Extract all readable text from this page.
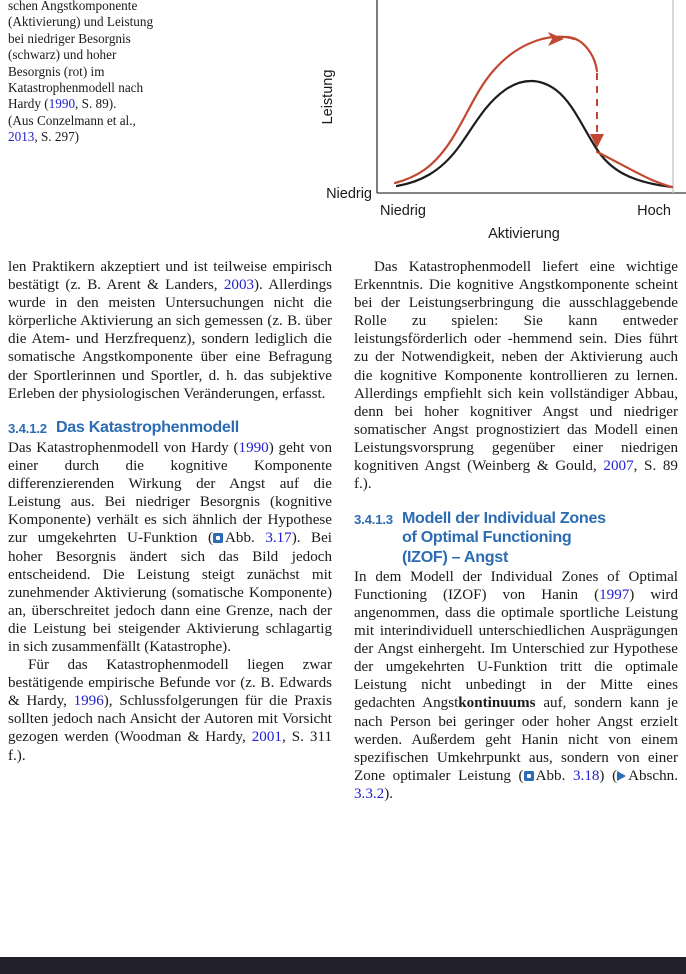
schen Angstkomponente
(Aktivierung) und Leistung
bei niedriger Besorgnis
(schwarz) und hoher
Besorgnis (rot) im
Katastrophenmodell nach
Hardy (1990, S. 89).
(Aus Conzelmann et al.,
2013, S. 297)
Leistung
Niedrig
Niedrig	Hoch
Aktivierung

len Praktikern akzeptiert und ist teilweise empirisch bestätigt (z. B. Arent & Landers, 2003). Allerdings wurde in den meisten Untersuchungen nicht die körperliche Aktivierung an sich gemessen (z. B. über die Atem- und Herzfrequenz), sondern lediglich die somatische Angstkomponente über eine Befragung der Sportlerinnen und Sportler, d. h. das subjektive Erleben der physiologischen Veränderungen, erfasst.

3.4.1.2 Das Katastrophenmodell

Das Katastrophenmodell von Hardy (1990) geht von einer durch die kognitive Komponente differenzierenden Wirkung der Angst auf die Leistung aus. Bei niedriger Besorgnis (kognitive Komponente) verhält es sich ähnlich der Hypothese zur umgekehrten U-Funktion ( Abb. 3.17). Bei hoher Besorgnis ändert sich das Bild jedoch entscheidend. Die Leistung steigt zunächst mit zunehmender Aktivierung (somatische Komponente) an, überschreitet jedoch dann eine Grenze, nach der die Leistung bei steigender Aktivierung schlagartig in sich zusammenfällt (Katastrophe).

Für das Katastrophenmodell liegen zwar bestätigende empirische Befunde vor (z. B. Edwards & Hardy, 1996), Schlussfolgerungen für die Praxis sollten jedoch nach Ansicht der Autoren mit Vorsicht gezogen werden (Woodman & Hardy, 2001, S. 311 f.).

Das Katastrophenmodell liefert eine wichtige Erkenntnis. Die kognitive Angstkomponente scheint bei der Leistungserbringung die ausschlaggebende Rolle zu spielen: Sie kann entweder leistungsförderlich oder -hemmend sein. Dies führt zu der Notwendigkeit, neben der Aktivierung auch die kognitive Komponente kontrollieren zu lernen. Allerdings empfiehlt sich kein vollständiger Abbau, denn bei hoher kognitiver Angst und niedriger somatischer Angst prognostiziert das Modell einen Leistungsvorsprung gegenüber einer niedrigen kognitiven Angst (Weinberg & Gould, 2007, S. 89 f.).

3.4.1.3 Modell der Individual Zones
of Optimal Functioning
(IZOF) – Angst

In dem Modell der Individual Zones of Optimal Functioning (IZOF) von Hanin (1997) wird angenommen, dass die optimale sportliche Leistung mit interindividuell unterschiedlichen Ausprägungen der Angst einhergeht. Im Unterschied zur Hypothese der umgekehrten U-Funktion tritt die optimale Leistung nicht unbedingt in der Mitte eines gedachten Angstkontinuums auf, sondern kann je nach Person bei geringer oder hoher Angst erzielt werden. Außerdem geht Hanin nicht von einem spezifischen Umkehrpunkt aus, sondern von einer Zone optimaler Leistung ( Abb. 3.18) ( Abschn. 3.3.2).
